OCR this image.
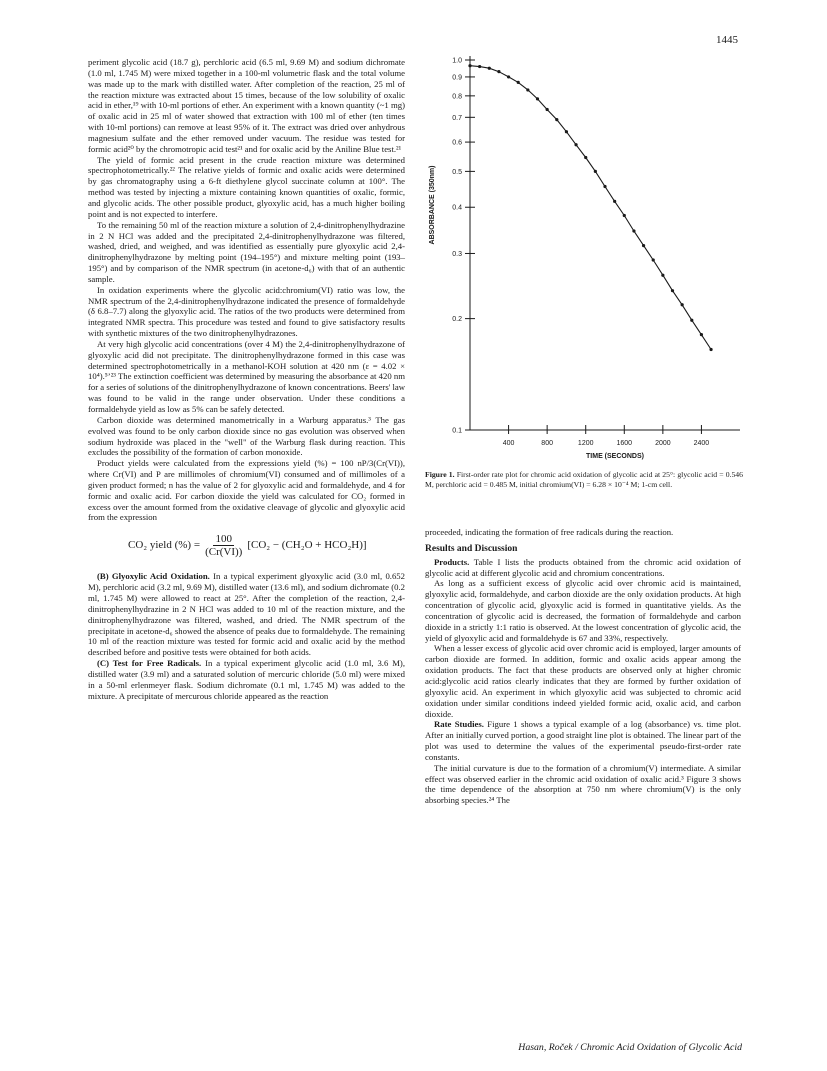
1445

periment glycolic acid (18.7 g), perchloric acid (6.5 ml, 9.69 M) and sodium dichromate (1.0 ml, 1.745 M) were mixed together in a 100-ml volumetric flask and the total volume was made up to the mark with distilled water. After completion of the reaction, 25 ml of the reaction mixture was extracted about 15 times, because of the low solubility of oxalic acid in ether,¹⁹ with 10-ml portions of ether. An experiment with a known quantity (~1 mg) of oxalic acid in 25 ml of water showed that extraction with 100 ml of ether (ten times with 10-ml portions) can remove at least 95% of it. The extract was dried over anhydrous magnesium sulfate and the ether removed under vacuum. The residue was tested for formic acid²⁰ by the chromotropic acid test²¹ and for oxalic acid by the Aniline Blue test.²¹

The yield of formic acid present in the crude reaction mixture was determined spectrophotometrically.²² The relative yields of formic and oxalic acids were determined by gas chromatography using a 6-ft diethylene glycol succinate column at 100°. The method was tested by injecting a mixture containing known quantities of oxalic, formic, and glycolic acids. The other possible product, glyoxylic acid, has a much higher boiling point and is not expected to interfere.

To the remaining 50 ml of the reaction mixture a solution of 2,4-dinitrophenylhydrazine in 2 N HCl was added and the precipitated 2,4-dinitrophenylhydrazone was filtered, washed, dried, and weighed, and was identified as essentially pure glyoxylic acid 2,4-dinitrophenylhydrazone by melting point (194–195°) and mixture melting point (193–195°) and by comparison of the NMR spectrum (in acetone-d₆) with that of an authentic sample.

In oxidation experiments where the glycolic acid:chromium(VI) ratio was low, the NMR spectrum of the 2,4-dinitrophenylhydrazone indicated the presence of formaldehyde (δ 6.8–7.7) along the glyoxylic acid. The ratios of the two products were determined from integrated NMR spectra. This procedure was tested and found to give satisfactory results with synthetic mixtures of the two dinitrophenylhydrazones.

At very high glycolic acid concentrations (over 4 M) the 2,4-dinitrophenylhydrazone of glyoxylic acid did not precipitate. The dinitrophenylhydrazone formed in this case was determined spectrophotometrically in a methanol-KOH solution at 420 nm (ε = 4.02 × 10⁴).⁵ʼ²³ The extinction coefficient was determined by measuring the absorbance at 420 nm for a series of solutions of the dinitrophenylhydrazone of known concentrations. Beers' law was found to be valid in the range under observation. Under these conditions a formaldehyde yield as low as 5% can be safely detected.

Carbon dioxide was determined manometrically in a Warburg apparatus.³ The gas evolved was found to be only carbon dioxide since no gas evolution was observed when sodium hydroxide was placed in the "well" of the Warburg flask during reaction. This excludes the possibility of the formation of carbon monoxide.

Product yields were calculated from the expressions yield (%) = 100 nP/3(Cr(VI)), where Cr(VI) and P are millimoles of chromium(VI) consumed and of millimoles of a given product formed; n has the value of 2 for glyoxylic acid and formaldehyde, and 4 for formic and oxalic acid. For carbon dioxide the yield was calculated for CO₂ formed in excess over the amount formed from the oxidative cleavage of glycolic and glyoxylic acid from the expression

CO₂ yield (%) = $\frac{100}{(Cr(VI))} [CO_2 - (CH_2O + HCO_2H)]$

(B) Glyoxylic Acid Oxidation. In a typical experiment glyoxylic acid (3.0 ml, 0.652 M), perchloric acid (3.2 ml, 9.69 M), distilled water (13.6 ml), and sodium dichromate (0.2 ml, 1.745 M) were allowed to react at 25°. After the completion of the reaction, 2,4-dinitrophenylhydrazine in 2 N HCl was added to 10 ml of the reaction mixture, and the dinitrophenylhydrazone was filtered, washed, and dried. The NMR spectrum of the precipitate in acetone-d₆ showed the absence of peaks due to formaldehyde. The remaining 10 ml of the reaction mixture was tested for formic acid and oxalic acid by the method described before and positive tests were obtained for both acids.

(C) Test for Free Radicals. In a typical experiment glycolic acid (1.0 ml, 3.6 M), distilled water (3.9 ml) and a saturated solution of mercuric chloride (5.0 ml) were mixed in a 50-ml erlenmeyer flask. Sodium dichromate (0.1 ml, 1.745 M) was added to the mixture. A precipitate of mercurous chloride appeared as the reaction

0.1
0.2
0.3
0.4
0.5
0.6
0.7
0.8
0.9
1.0
400	800	1200	1600	2000	2400
TIME (SECONDS)
ABSORBANCE (350nm)
Figure 1. First-order rate plot for chromic acid oxidation of glycolic acid at 25°: glycolic acid = 0.546 M, perchloric acid = 0.485 M, initial chromium(VI) = 6.28 × 10⁻⁴ M; 1-cm cell.

proceeded, indicating the formation of free radicals during the reaction.

Results and Discussion

Products. Table I lists the products obtained from the chromic acid oxidation of glycolic acid at different glycolic acid and chromium concentrations.

As long as a sufficient excess of glycolic acid over chromic acid is maintained, glyoxylic acid, formaldehyde, and carbon dioxide are the only oxidation products. At high concentration of glycolic acid, glyoxylic acid is formed in quantitative yields. As the concentration of glycolic acid is decreased, the formation of formaldehyde and carbon dioxide in a strictly 1:1 ratio is observed. At the lowest concentration of glycolic acid, the yield of glyoxylic acid and formaldehyde is 67 and 33%, respectively.

When a lesser excess of glycolic acid over chromic acid is employed, larger amounts of carbon dioxide are formed. In addition, formic and oxalic acids appear among the oxidation products. The fact that these products are observed only at higher chromic acid:glycolic acid ratios clearly indicates that they are formed by further oxidation of glyoxylic acid. An experiment in which glyoxylic acid was subjected to chromic acid oxidation under similar conditions indeed yielded formic acid, oxalic acid, and carbon dioxide.

Rate Studies. Figure 1 shows a typical example of a log (absorbance) vs. time plot. After an initially curved portion, a good straight line plot is obtained. The linear part of the plot was used to determine the values of the experimental pseudo-first-order rate constants.

The initial curvature is due to the formation of a chromium(V) intermediate. A similar effect was observed earlier in the chromic acid oxidation of oxalic acid.³ Figure 3 shows the time dependence of the absorption at 750 nm where chromium(V) is the only absorbing species.²⁴ The

Hasan, Roček / Chromic Acid Oxidation of Glycolic Acid
